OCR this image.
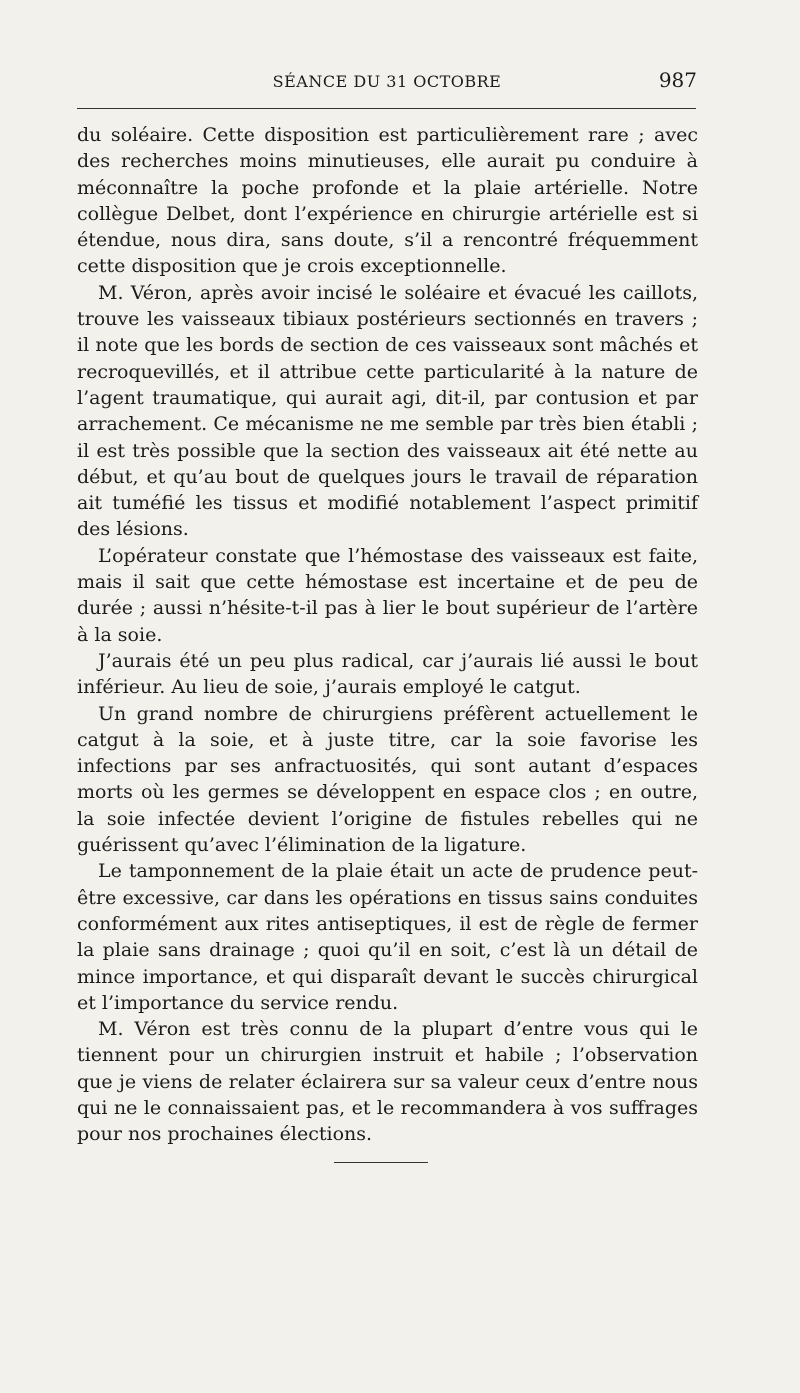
SÉANCE DU 31 OCTOBRE	987

du soléaire. Cette disposition est particulièrement rare ; avec des recherches moins minutieuses, elle aurait pu conduire à méconnaître la poche profonde et la plaie artérielle. Notre collègue Delbet, dont l’expérience en chirurgie artérielle est si étendue, nous dira, sans doute, s’il a rencontré fréquemment cette disposition que je crois exceptionnelle.

M. Véron, après avoir incisé le soléaire et évacué les caillots, trouve les vaisseaux tibiaux postérieurs sectionnés en travers ; il note que les bords de section de ces vaisseaux sont mâchés et recroquevillés, et il attribue cette particularité à la nature de l’agent traumatique, qui aurait agi, dit-il, par contusion et par arrachement. Ce mécanisme ne me semble par très bien établi ; il est très possible que la section des vaisseaux ait été nette au début, et qu’au bout de quelques jours le travail de réparation ait tuméfié les tissus et modifié notablement l’aspect primitif des lésions.

L’opérateur constate que l’hémostase des vaisseaux est faite, mais il sait que cette hémostase est incertaine et de peu de durée ; aussi n’hésite-t-il pas à lier le bout supérieur de l’artère à la soie.

J’aurais été un peu plus radical, car j’aurais lié aussi le bout inférieur. Au lieu de soie, j’aurais employé le catgut.

Un grand nombre de chirurgiens préfèrent actuellement le catgut à la soie, et à juste titre, car la soie favorise les infections par ses anfractuosités, qui sont autant d’espaces morts où les germes se développent en espace clos ; en outre, la soie infectée devient l’origine de fistules rebelles qui ne guérissent qu’avec l’élimination de la ligature.

Le tamponnement de la plaie était un acte de prudence peut-être excessive, car dans les opérations en tissus sains conduites conformément aux rites antiseptiques, il est de règle de fermer la plaie sans drainage ; quoi qu’il en soit, c’est là un détail de mince importance, et qui disparaît devant le succès chirurgical et l’importance du service rendu.

M. Véron est très connu de la plupart d’entre vous qui le tiennent pour un chirurgien instruit et habile ; l’observation que je viens de relater éclairera sur sa valeur ceux d’entre nous qui ne le connaissaient pas, et le recommandera à vos suffrages pour nos prochaines élections.
